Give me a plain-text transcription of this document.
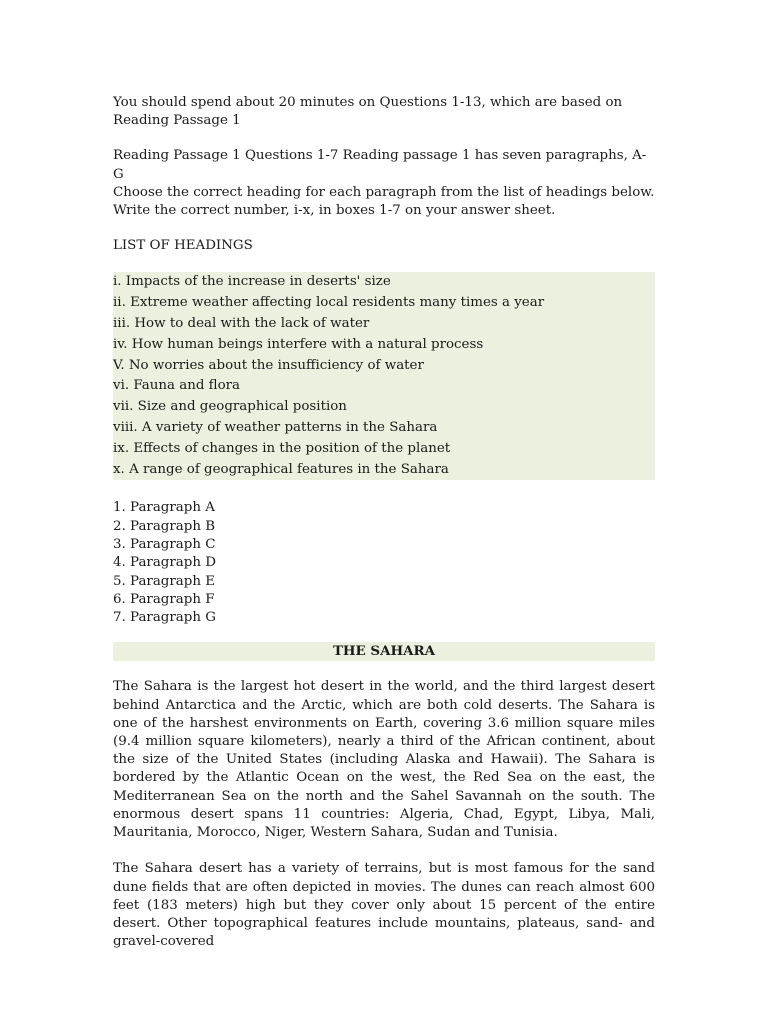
You should spend about 20 minutes on Questions 1-13, which are based on Reading Passage 1

Reading Passage 1 Questions 1-7 Reading passage 1 has seven paragraphs, A-G

Choose the correct heading for each paragraph from the list of headings below.

Write the correct number, i-x, in boxes 1-7 on your answer sheet.

LIST OF HEADINGS

i. Impacts of the increase in deserts' size

ii. Extreme weather affecting local residents many times a year

iii. How to deal with the lack of water

iv. How human beings interfere with a natural process

V. No worries about the insufficiency of water

vi. Fauna and flora

vii. Size and geographical position

viii. A variety of weather patterns in the Sahara

ix. Effects of changes in the position of the planet

x. A range of geographical features in the Sahara

1. Paragraph A

2. Paragraph B

3. Paragraph C

4. Paragraph D

5. Paragraph E

6. Paragraph F

7. Paragraph G

THE SAHARA

The Sahara is the largest hot desert in the world, and the third largest desert behind Antarctica and the Arctic, which are both cold deserts. The Sahara is one of the harshest environments on Earth, covering 3.6 million square miles (9.4 million square kilometers), nearly a third of the African continent, about the size of the United States (including Alaska and Hawaii). The Sahara is bordered by the Atlantic Ocean on the west, the Red Sea on the east, the Mediterranean Sea on the north and the Sahel Savannah on the south. The enormous desert spans 11 countries: Algeria, Chad, Egypt, Libya, Mali, Mauritania, Morocco, Niger, Western Sahara, Sudan and Tunisia.

The Sahara desert has a variety of terrains, but is most famous for the sand dune fields that are often depicted in movies. The dunes can reach almost 600 feet (183 meters) high but they cover only about 15 percent of the entire desert. Other topographical features include mountains, plateaus, sand- and gravel-covered
